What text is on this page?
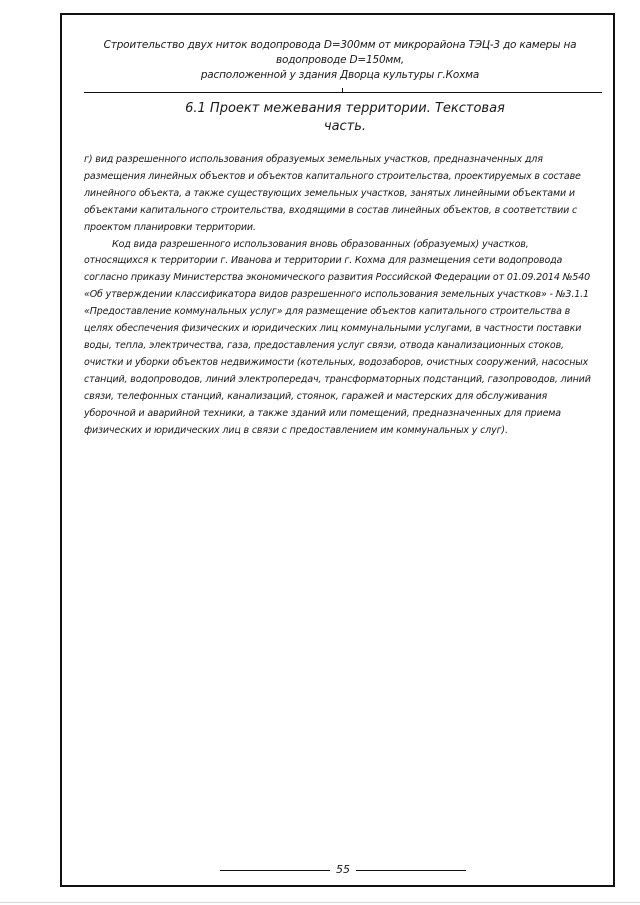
Строительство двух ниток водопровода D=300мм от микрорайона ТЭЦ-3 до камеры на водопроводе D=150мм,
расположенной у здания Дворца культуры г.Кохма
6.1 Проект межевания территории. Текстовая часть.

г) вид разрешенного использования образуемых земельных участков, предназначенных для размещения линейных объектов и объектов капитального строительства, проектируемых в составе линейного объекта, а также существующих земельных участков, занятых линейными объектами и объектами капитального строительства, входящими в состав линейных объектов, в соответствии с проектом планировки территории.

Код вида разрешенного использования вновь образованных (образуемых) участков, относящихся к территории г. Иванова и территории г. Кохма для размещения сети водопровода согласно приказу Министерства экономического развития Российской Федерации от 01.09.2014 №540 «Об утверждении классификатора видов разрешенного использования земельных участков» - №3.1.1 «Предоставление коммунальных услуг» для размещение объектов капитального строительства в целях обеспечения физических и юридических лиц коммунальными услугами, в частности поставки воды, тепла, электричества, газа, предоставления услуг связи, отвода канализационных стоков, очистки и уборки объектов недвижимости (котельных, водозаборов, очистных сооружений, насосных станций, водопроводов, линий электропередач, трансформаторных подстанций, газопроводов, линий связи, телефонных станций, канализаций, стоянок, гаражей и мастерских для обслуживания уборочной и аварийной техники, а также зданий или помещений, предназначенных для приема физических и юридических лиц в связи с предоставлением им коммунальных у слуг).

55
